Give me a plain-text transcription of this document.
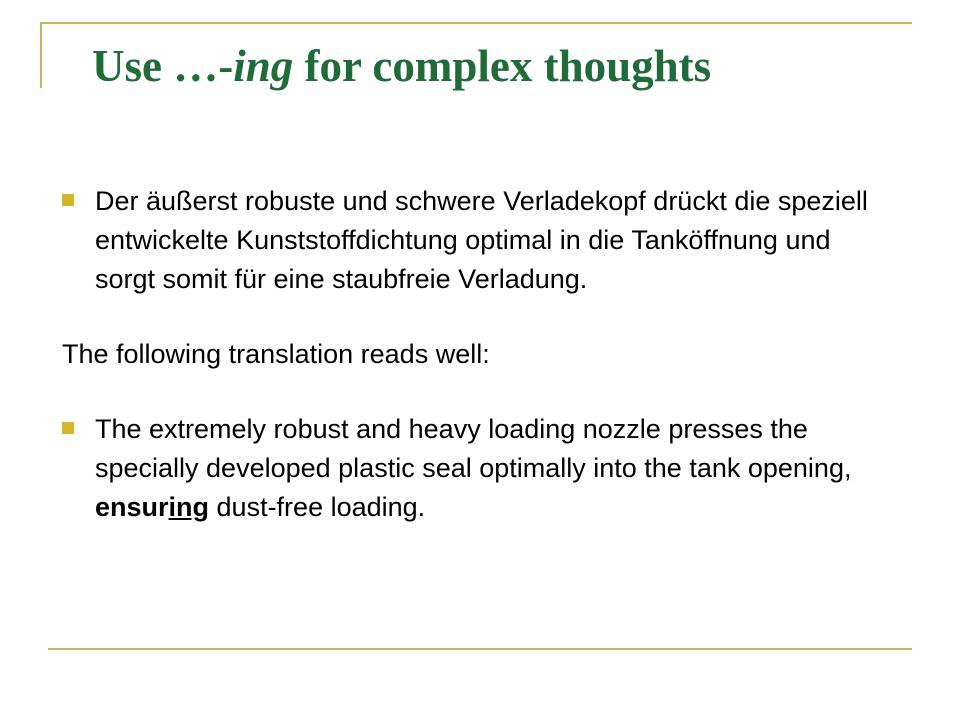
Use …-ing for complex thoughts
Der äußerst robuste und schwere Verladekopf drückt die speziell entwickelte Kunststoffdichtung optimal in die Tanköffnung und sorgt somit für eine staubfreie Verladung.
The following translation reads well:
The extremely robust and heavy loading nozzle presses the specially developed plastic seal optimally into the tank opening, ensuring dust-free loading.
